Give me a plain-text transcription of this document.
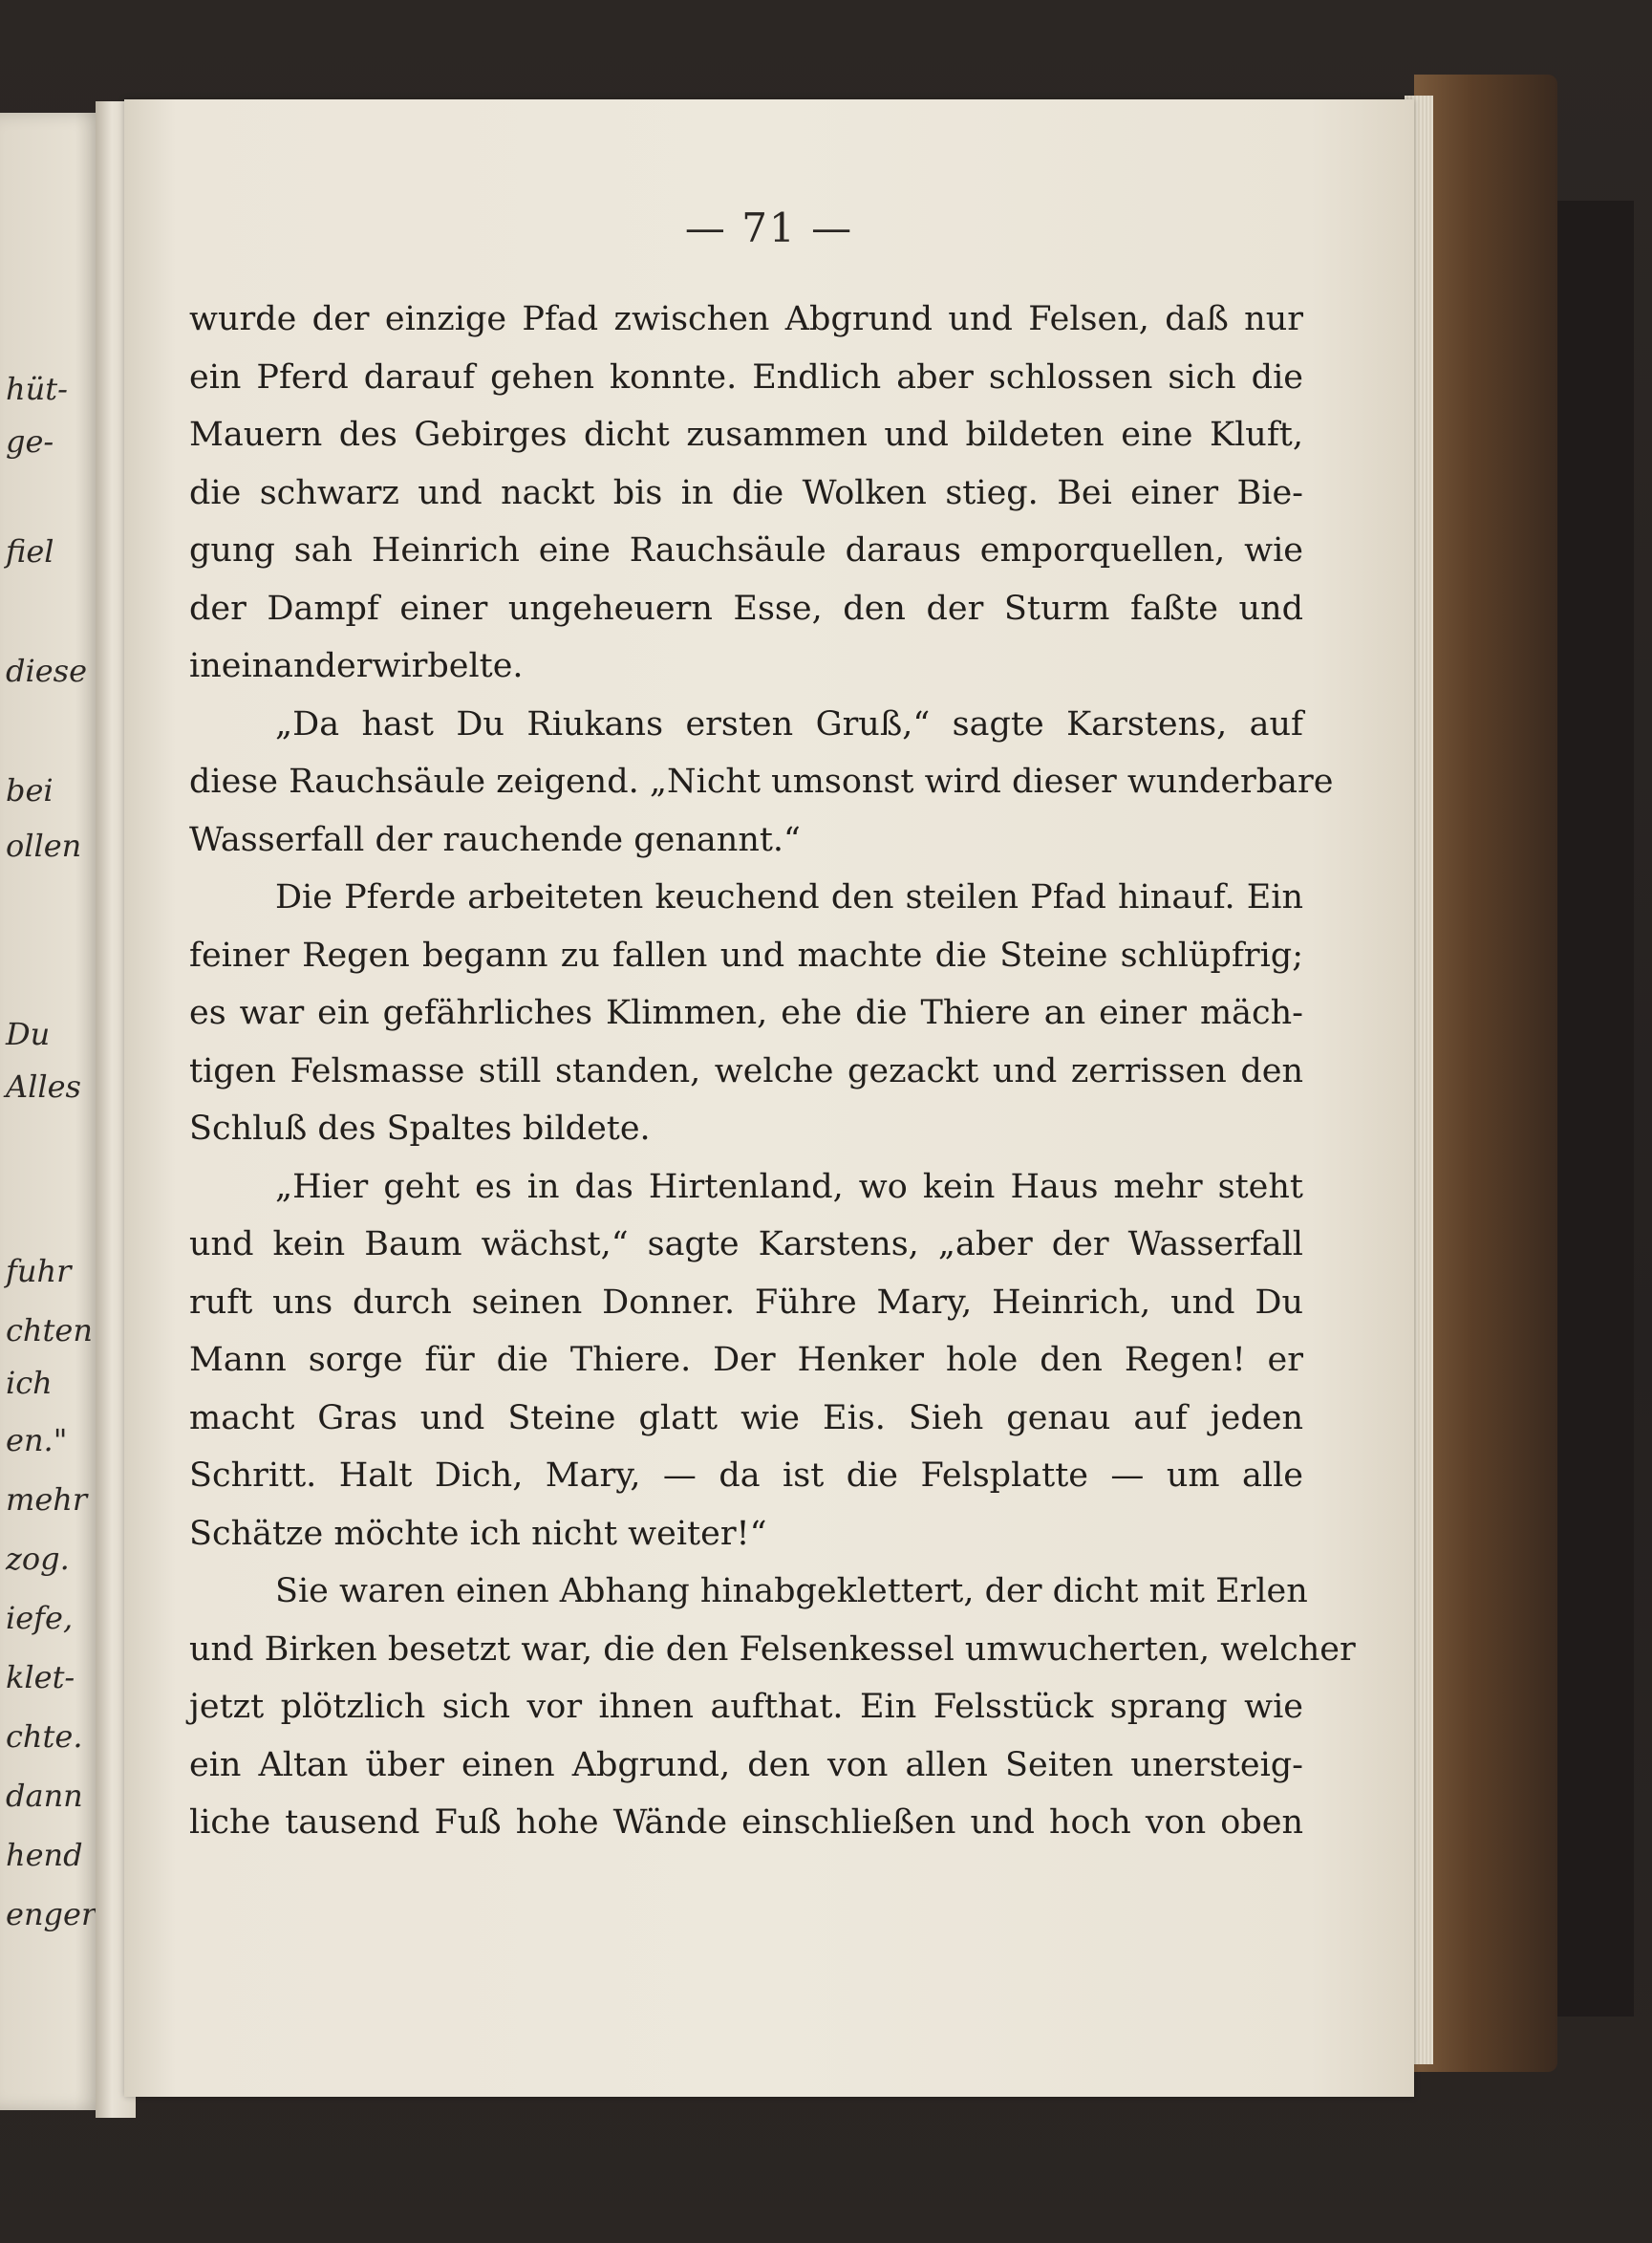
hüt-
ge-
fiel
diese
bei
ollen
Du
Alles
fuhr
chten
ich
en."
mehr
zog.
iefe,
klet-
chte.
dann
hend
enger
— 71 —
wurde der einzige Pfad zwischen Abgrund und Felsen, daß nur
ein Pferd darauf gehen konnte. Endlich aber schlossen sich die
Mauern des Gebirges dicht zusammen und bildeten eine Kluft,
die schwarz und nackt bis in die Wolken stieg. Bei einer Bie-
gung sah Heinrich eine Rauchsäule daraus emporquellen, wie
der Dampf einer ungeheuern Esse, den der Sturm faßte und
ineinanderwirbelte.
„Da hast Du Riukans ersten Gruß,“ sagte Karstens, auf
diese Rauchsäule zeigend. „Nicht umsonst wird dieser wunderbare
Wasserfall der rauchende genannt.“
Die Pferde arbeiteten keuchend den steilen Pfad hinauf. Ein
feiner Regen begann zu fallen und machte die Steine schlüpfrig;
es war ein gefährliches Klimmen, ehe die Thiere an einer mäch-
tigen Felsmasse still standen, welche gezackt und zerrissen den
Schluß des Spaltes bildete.
„Hier geht es in das Hirtenland, wo kein Haus mehr steht
und kein Baum wächst,“ sagte Karstens, „aber der Wasserfall
ruft uns durch seinen Donner. Führe Mary, Heinrich, und Du
Mann sorge für die Thiere. Der Henker hole den Regen! er
macht Gras und Steine glatt wie Eis. Sieh genau auf jeden
Schritt. Halt Dich, Mary, — da ist die Felsplatte — um alle
Schätze möchte ich nicht weiter!“
Sie waren einen Abhang hinabgeklettert, der dicht mit Erlen
und Birken besetzt war, die den Felsenkessel umwucherten, welcher
jetzt plötzlich sich vor ihnen aufthat. Ein Felsstück sprang wie
ein Altan über einen Abgrund, den von allen Seiten unersteig-
liche tausend Fuß hohe Wände einschließen und hoch von oben
